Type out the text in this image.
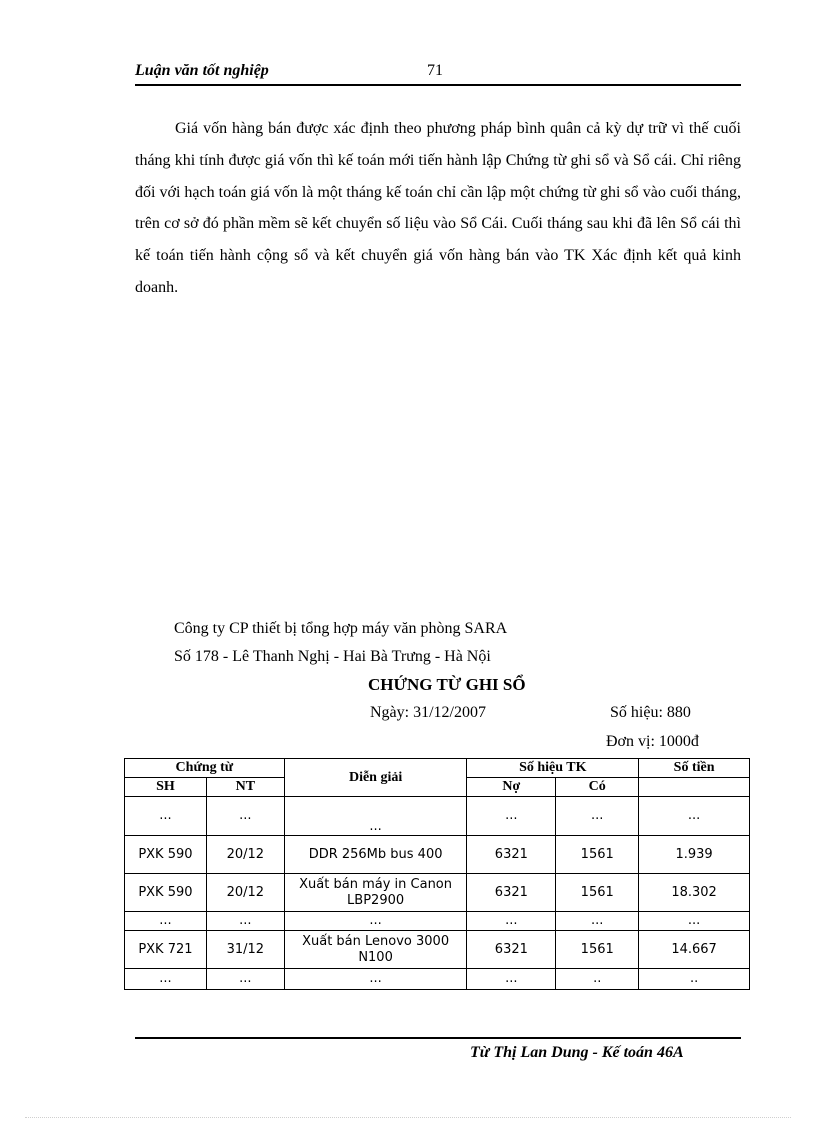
Luận văn tốt nghiệp	71

Giá vốn hàng bán được xác định theo phương pháp bình quân cả kỳ dự trữ vì thế cuối tháng khi tính được giá vốn thì kế toán mới tiến hành lập Chứng từ ghi sổ và Sổ cái. Chỉ riêng đối với hạch toán giá vốn là một tháng kế toán chỉ cần lập một chứng từ ghi sổ vào cuối tháng, trên cơ sở đó phần mềm sẽ kết chuyển số liệu vào Sổ Cái. Cuối tháng sau khi đã lên Sổ cái thì kế toán tiến hành cộng sổ và kết chuyển giá vốn hàng bán vào TK Xác định kết quả kinh doanh.

Công ty CP thiết bị tổng hợp máy văn phòng SARA
Số 178 - Lê Thanh Nghị - Hai Bà Trưng - Hà Nội
CHỨNG TỪ GHI SỔ
Ngày: 31/12/2007	Số hiệu: 880
Đơn vị: 1000đ
Chứng từ		Diễn giải	Số hiệu TK		Số tiền
SH	NT		Nợ	Có	
...	...	...	...	...	...
PXK 590	20/12	DDR 256Mb bus 400	6321	1561	1.939
PXK 590	20/12	Xuất bán máy in Canon LBP2900	6321	1561	18.302
...	...	...	...	...	...
PXK 721	31/12	Xuất bán Lenovo 3000 N100	6321	1561	14.667
...	...	...	...	..	..
Từ Thị Lan Dung - Kế toán 46A
